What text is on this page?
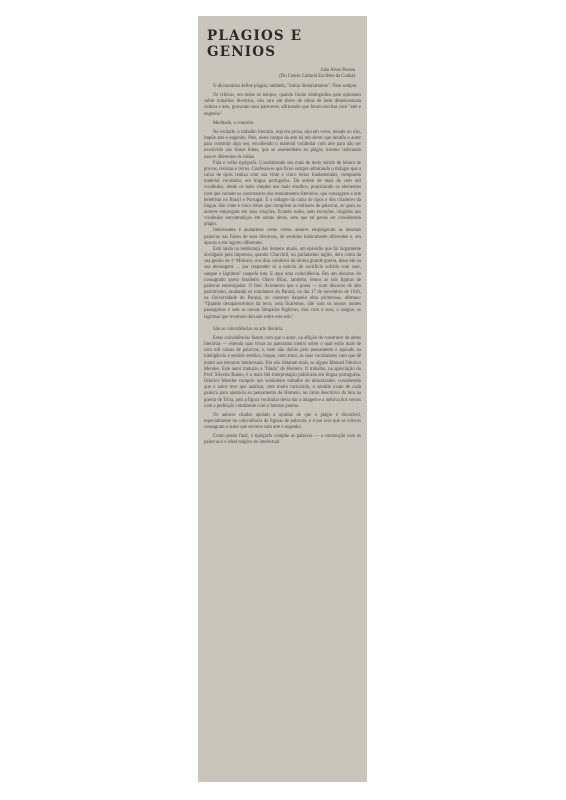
PLAGIOS E GENIOS
João Alves Pessoa
(Do Centro Cultural Euclides da Cunha)

O dicionarista define plagiar, também, "imitar literariamente". Nem sempre.

Os críticos, em todos os tempos, quando foram distinguidos para opinarem sobre trabalhos literários, não raro em tôrno de obras de bem dimensionada cultura e arte, gravaram seus pareceres, afirmando que foram escritas com "arte e engenho".

Meditado, o conceito.

Na verdade, o trabalho literário, seja em prosa, seja em verso, tenado ou não, impõe arte e engenho. Pois, neste campo da arte há um dever que desafia o autor para construir algo seu, escolhendo o material vocabular com arte para não ser envolvido nas frases feitas, que se assemelham ao plágio, mesmo indicando nascer diferentes de idéias.

Fala o velho tipógrafo. Considerando seu mais de meio século de leitura de provas, revistas e livros. Confessa-se que ficou sempre admirando o milagre que a caixa de tipos realiza com sua vinte e cinco letras fundamentais, compondo material vocabular, em língua portuguêsa. Da ordem de mais de cem mil vocábulos, desde os mais simples aos mais eruditos, propiciando os elementos com que contam os construtores dos monumentos literários, que consagram a arte beletrista no Brasil e Portugal. É o milagre da caixa de tipos e dos criadores da língua. São vinte e cinco letras que compõem as milhares de palavras, as quais os autores empregam em suas criações, ficando todos, sem exceções, cingidos aos vocábulos encontradiços em outras obras, sem que tal pensa ser considerado plágio.

Interessante é anotarmos como certos autores empregaram as mesmas palavras nas frases de seus discursos, de sentidos inteiramente diferentes e, em épocas e em lugares diferentes.

Está ainda na lembrança dos homens atuais, um episódio que foi largamente divulgado pela imprensa, quando Churchill, no parlamento inglês, dera conta da sua gestão de 1º Ministro, nos dias sombrios da última grande guerra, disse ele na sua mensagem: ... por responder só a notícia do sacrifício sofrido com suor, sangue e lágrimas" naquela luta. E aqui uma coincidência. Em um discurso do consagrado poeta brasileiro Olavo Bilac, também, lemos as tais figuras de palavras entrelaçadas. O fato: Aconteceu que o poeta — num discurso de alto patriotismo, saudando os estudantes do Paraná, no dia 17 de novembro de 1916, na Universidade do Paraná, no contexto daquela obra primorosa, afirmou: "Quando desaparecermos da terra, nela ficaremos, não com os nossos nomes passageiros e sem as nossas lâmpadas fugitivas, mas com o suor, o sangue, as lágrimas que tivermos deixado sobre este solo".

São as coincidências na arte literária.

Estas coincidências fazem com que o autor, na aflição de construtor de obras literárias — estenda suas vistas ao panorama inteiro sobre o qual estão mais de cem mil caixas de palavras, e, nem não dizido pelo pensamento e apoiado na inteligência e sentido estético, buque, com amor, as suas vocabulares com que dê maior aos tesouros intelectuais. Em não faltaram mais, se alguns Manuel Odorico Mendes. Este autor traduziu a "Ilíada" de Homero. O trabalho, na apreciação do Prof. Silveira Bueno, é a mais fiel interpretação publicada em língua portuguêsa. Odorico Mendes cumpriu um verdadeiro trabalho de minorizador, considerado que o autor teve que analisar, com muito raciocínio, o sentido exato de cada palavra para ajustá-la ao pensamento de Homero, no canto descritivo da luta na guerra de Tróia, pois a figura vocabular devia dar a imagem e a métrica dos versos com a perfeição condizente com o famoso poema.

Os autores citados apoiam a opinião de que o plágio é discutível, especialmente na coincidência de figuras de palavras, e é por isso que os críticos consagram o autor que escreve com arte e engenho.

Como ponto final, o tipógrafo compõe as palavras — a construção com as palavras é o ideal mágico do intelectual.
